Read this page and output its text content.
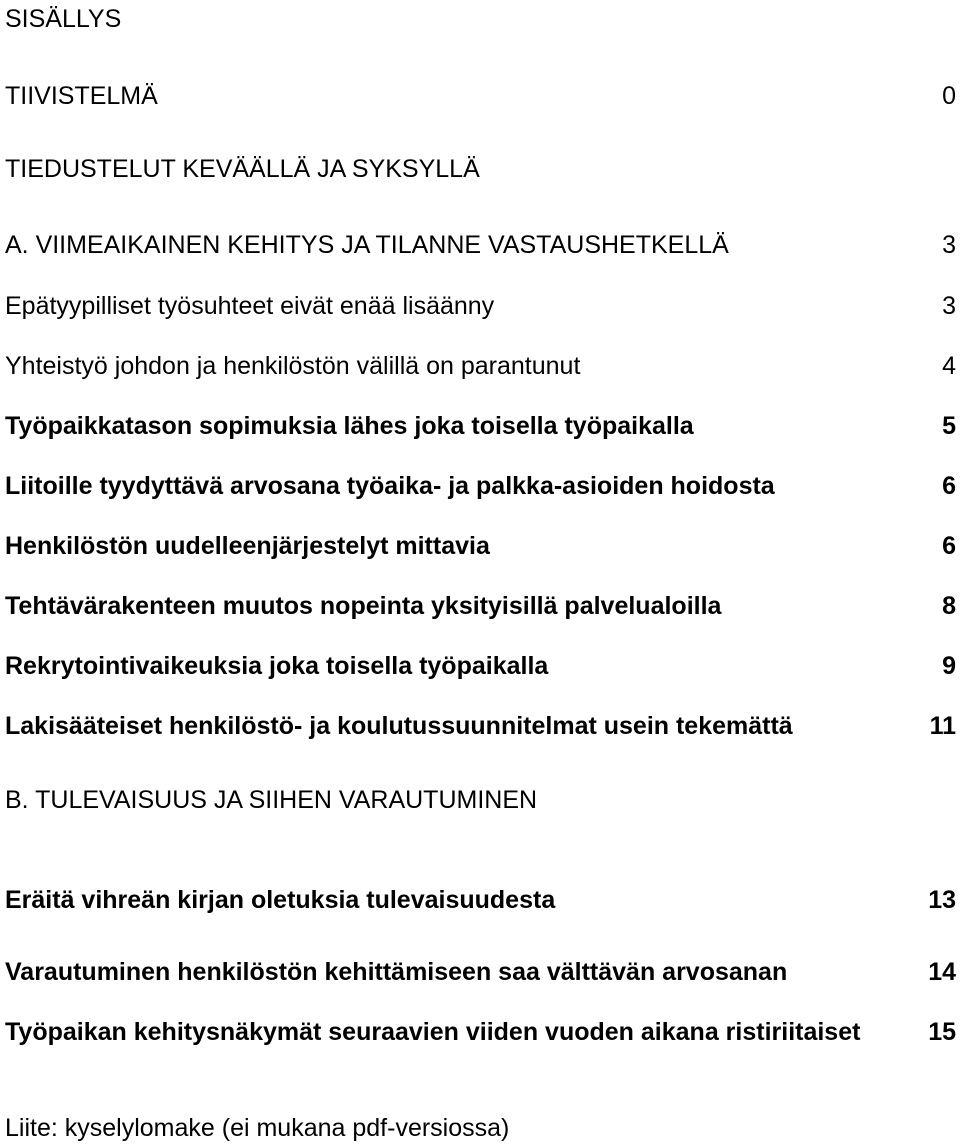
SISÄLLYS
TIIVISTELMÄ	0
TIEDUSTELUT KEVÄÄLLÄ JA SYKSYLLÄ
A. VIIMEAIKAINEN KEHITYS JA TILANNE VASTAUSHETKELLÄ	3
Epätyypilliset työsuhteet eivät enää lisäänny	3
Yhteistyö johdon ja henkilöstön välillä on parantunut	4
Työpaikkatason sopimuksia lähes joka toisella työpaikalla	5
Liitoille tyydyttävä arvosana työaika- ja palkka-asioiden hoidosta	6
Henkilöstön uudelleenjärjestelyt mittavia	6
Tehtävärakenteen muutos nopeinta yksityisillä palvelualoilla	8
Rekrytointivaikeuksia joka toisella työpaikalla	9
Lakisääteiset henkilöstö- ja koulutussuunnitelmat usein tekemättä	11
B. TULEVAISUUS JA SIIHEN VARAUTUMINEN
Eräitä vihreän kirjan oletuksia tulevaisuudesta	13
Varautuminen henkilöstön kehittämiseen saa välttävän arvosanan	14
Työpaikan kehitysnäkymät seuraavien viiden vuoden aikana ristiriitaiset	15
Liite: kyselylomake (ei mukana pdf-versiossa)
